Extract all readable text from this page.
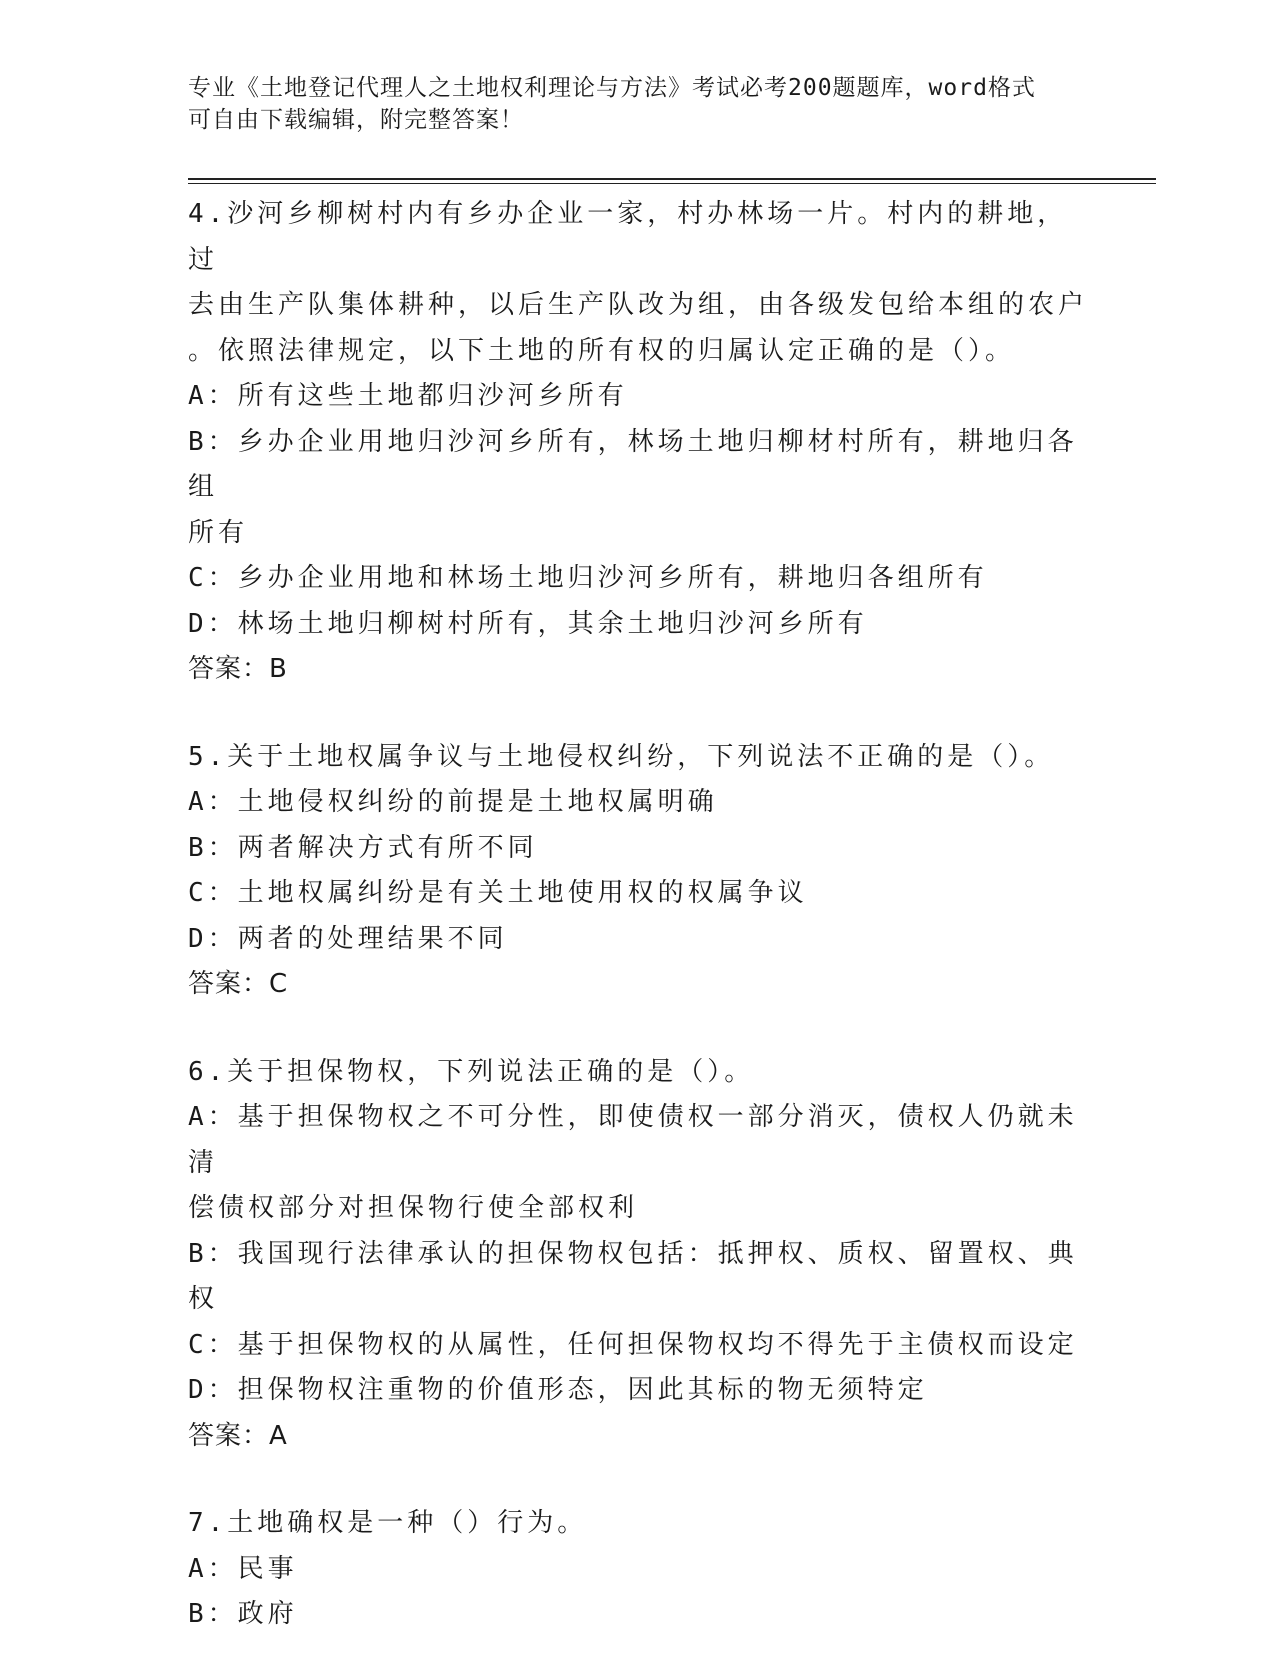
专业《土地登记代理人之土地权利理论与方法》考试必考200题题库，word格式
可自由下载编辑，附完整答案！
4.沙河乡柳树村内有乡办企业一家，村办林场一片。村内的耕地，过
去由生产队集体耕种，以后生产队改为组，由各级发包给本组的农户
。依照法律规定，以下土地的所有权的归属认定正确的是（）。
A：所有这些土地都归沙河乡所有
B：乡办企业用地归沙河乡所有，林场土地归柳材村所有，耕地归各组
所有
C：乡办企业用地和林场土地归沙河乡所有，耕地归各组所有
D：林场土地归柳树村所有，其余土地归沙河乡所有
答案：B
5.关于土地权属争议与土地侵权纠纷，下列说法不正确的是（）。
A：土地侵权纠纷的前提是土地权属明确
B：两者解决方式有所不同
C：土地权属纠纷是有关土地使用权的权属争议
D：两者的处理结果不同
答案：C
6.关于担保物权，下列说法正确的是（）。
A：基于担保物权之不可分性，即使债权一部分消灭，债权人仍就未清
偿债权部分对担保物行使全部权利
B：我国现行法律承认的担保物权包括：抵押权、质权、留置权、典权
C：基于担保物权的从属性，任何担保物权均不得先于主债权而设定
D：担保物权注重物的价值形态，因此其标的物无须特定
答案：A
7.土地确权是一种（）行为。
A：民事
B：政府
